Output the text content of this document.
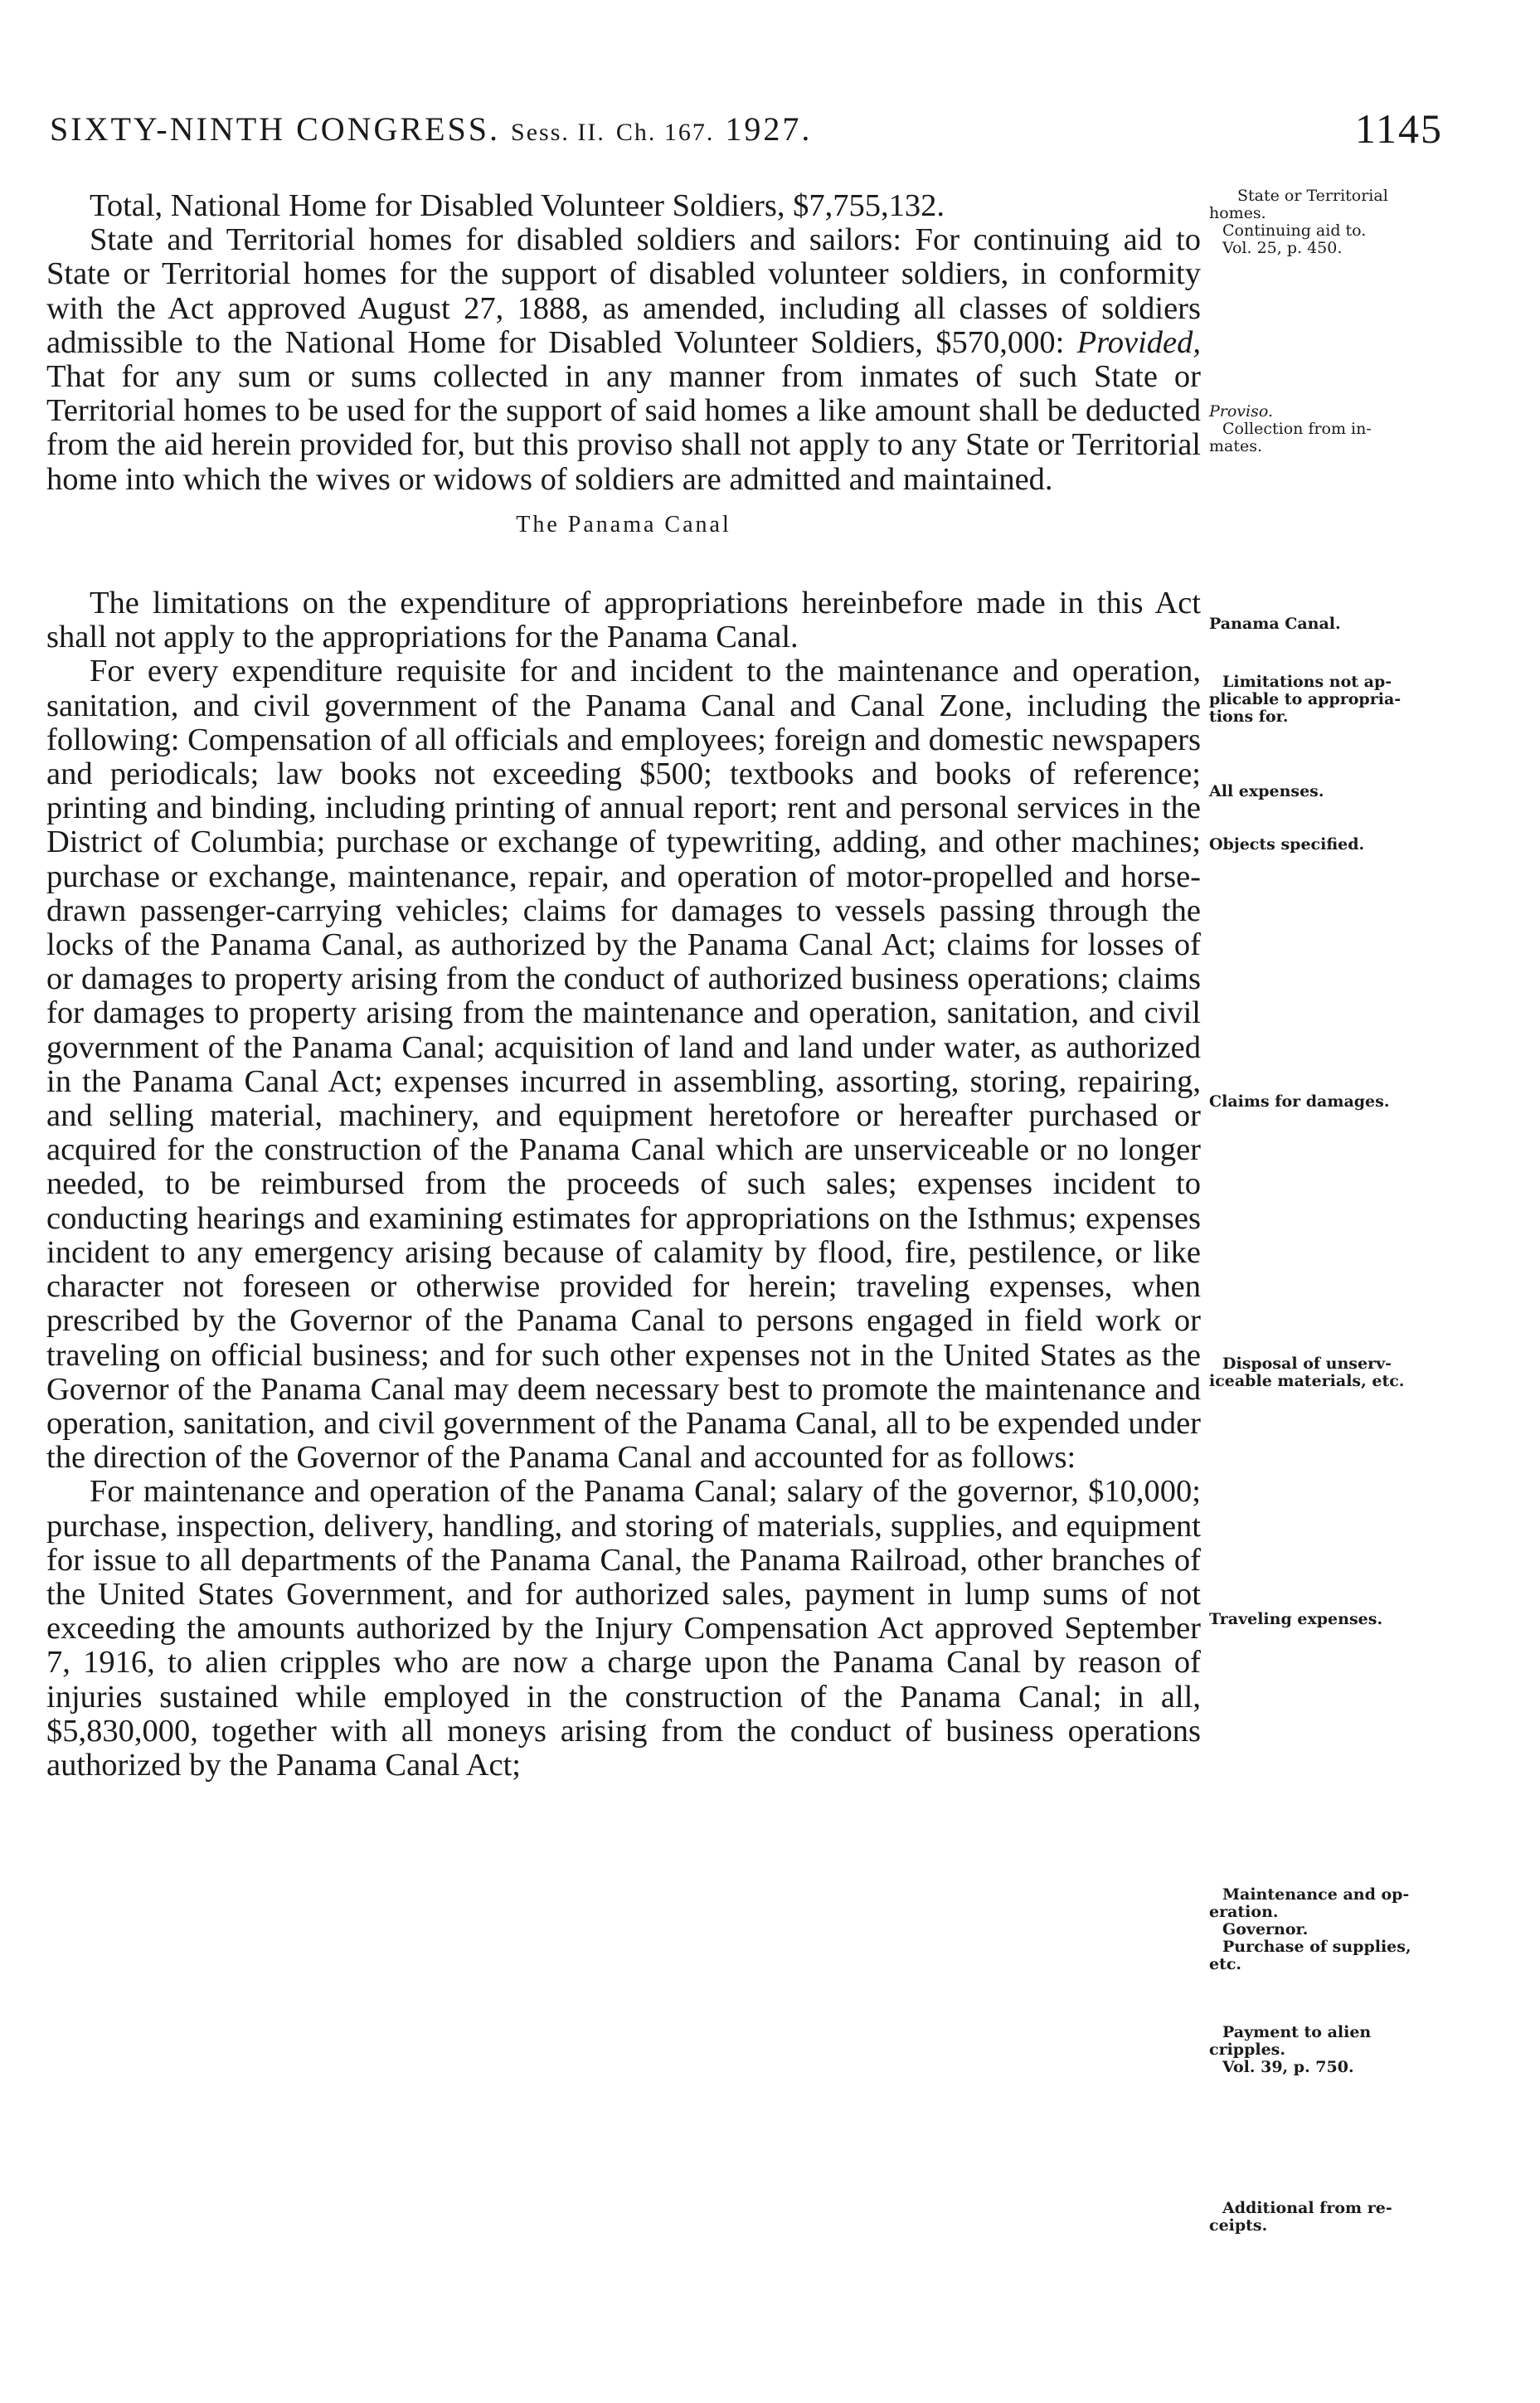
SIXTY-NINTH CONGRESS. Sess. II. Ch. 167. 1927.	1145

Total, National Home for Disabled Volunteer Soldiers, $7,755,132.

State and Territorial homes for disabled soldiers and sailors: For continuing aid to State or Territorial homes for the support of disabled volunteer soldiers, in conformity with the Act approved August 27, 1888, as amended, including all classes of soldiers admissible to the National Home for Disabled Volunteer Soldiers, $570,000: Provided, That for any sum or sums collected in any manner from inmates of such State or Territorial homes to be used for the support of said homes a like amount shall be deducted from the aid herein provided for, but this proviso shall not apply to any State or Territorial home into which the wives or widows of soldiers are admitted and maintained.

The Panama Canal

The limitations on the expenditure of appropriations hereinbefore made in this Act shall not apply to the appropriations for the Panama Canal.

For every expenditure requisite for and incident to the maintenance and operation, sanitation, and civil government of the Panama Canal and Canal Zone, including the following: Compensation of all officials and employees; foreign and domestic newspapers and periodicals; law books not exceeding $500; textbooks and books of reference; printing and binding, including printing of annual report; rent and personal services in the District of Columbia; purchase or exchange of typewriting, adding, and other machines; purchase or exchange, maintenance, repair, and operation of motor-propelled and horse-drawn passenger-carrying vehicles; claims for damages to vessels passing through the locks of the Panama Canal, as authorized by the Panama Canal Act; claims for losses of or damages to property arising from the conduct of authorized business operations; claims for damages to property arising from the maintenance and operation, sanitation, and civil government of the Panama Canal; acquisition of land and land under water, as authorized in the Panama Canal Act; expenses incurred in assembling, assorting, storing, repairing, and selling material, machinery, and equipment heretofore or hereafter purchased or acquired for the construction of the Panama Canal which are unserviceable or no longer needed, to be reimbursed from the proceeds of such sales; expenses incident to conducting hearings and examining estimates for appropriations on the Isthmus; expenses incident to any emergency arising because of calamity by flood, fire, pestilence, or like character not foreseen or otherwise provided for herein; traveling expenses, when prescribed by the Governor of the Panama Canal to persons engaged in field work or traveling on official business; and for such other expenses not in the United States as the Governor of the Panama Canal may deem necessary best to promote the maintenance and operation, sanitation, and civil government of the Panama Canal, all to be expended under the direction of the Governor of the Panama Canal and accounted for as follows:

For maintenance and operation of the Panama Canal; salary of the governor, $10,000; purchase, inspection, delivery, handling, and storing of materials, supplies, and equipment for issue to all departments of the Panama Canal, the Panama Railroad, other branches of the United States Government, and for authorized sales, payment in lump sums of not exceeding the amounts authorized by the Injury Compensation Act approved September 7, 1916, to alien cripples who are now a charge upon the Panama Canal by reason of injuries sustained while employed in the construction of the Panama Canal; in all, $5,830,000, together with all moneys arising from the conduct of business operations authorized by the Panama Canal Act;

State or Territorial
homes.
Continuing aid to.
Vol. 25, p. 450.
Proviso.
Collection from in-
mates.
Panama Canal.
Limitations not ap-
plicable to appropria-
tions for.
All expenses.
Objects specified.
Claims for damages.
Disposal of unserv-
iceable materials, etc.
Traveling expenses.
Maintenance and op-
eration.
Governor.
Purchase of supplies,
etc.
Payment to alien
cripples.
Vol. 39, p. 750.
Additional from re-
ceipts.
